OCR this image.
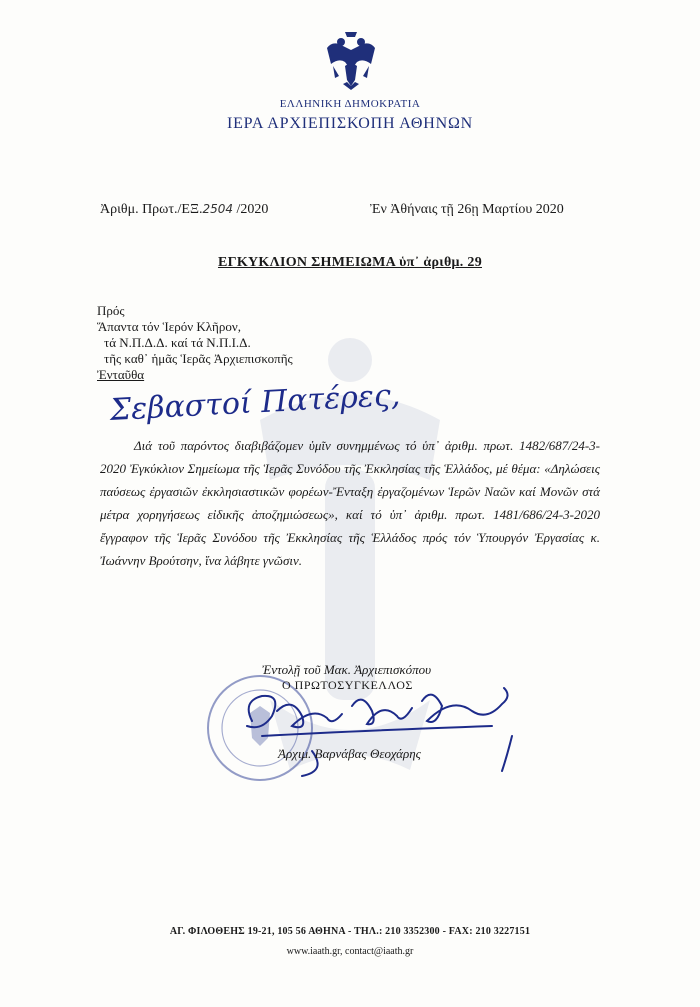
ΕΛΛΗΝΙΚΗ ΔΗΜΟΚΡΑΤΙΑ
ΙΕΡΑ ΑΡΧΙΕΠΙΣΚΟΠΗ ΑΘΗΝΩΝ
Ἀριθμ. Πρωτ./ΕΞ.2504 /2020	Ἐν Ἀθήναις τῇ 26ῃ Μαρτίου 2020
ΕΓΚΥΚΛΙΟΝ ΣΗΜΕΙΩΜΑ ὑπ᾽ ἀριθμ. 29
Πρός
Ἅπαντα τόν Ἱερόν Κλῆρον,
τά Ν.Π.Δ.Δ. καί τά Ν.Π.Ι.Δ.
τῆς καθ᾽ ἡμᾶς Ἱερᾶς Ἀρχιεπισκοπῆς
Ἐνταῦθα
Σεβαστοί Πατέρες,

Διά τοῦ παρόντος διαβιβάζομεν ὑμῖν συνημμένως τό ὑπ᾽ ἀριθμ. πρωτ. 1482/687/24-3-2020 Ἐγκύκλιον Σημείωμα τῆς Ἱερᾶς Συνόδου τῆς Ἐκκλησίας τῆς Ἑλλάδος, μέ θέμα: «Δηλώσεις παύσεως ἐργασιῶν ἐκκλησιαστικῶν φορέων-Ἔνταξη ἐργαζομένων Ἱερῶν Ναῶν καί Μονῶν στά μέτρα χορηγήσεως εἰδικῆς ἀποζημιώσεως», καί τό ὑπ᾽ ἀριθμ. πρωτ. 1481/686/24-3-2020 ἔγγραφον τῆς Ἱερᾶς Συνόδου τῆς Ἐκκλησίας τῆς Ἑλλάδος πρός τόν Ὑπουργόν Ἐργασίας κ. Ἰωάννην Βρούτσην, ἵνα λάβητε γνῶσιν.

Ἐντολῇ τοῦ Μακ. Ἀρχιεπισκόπου
Ο ΠΡΩΤΟΣΥΓΚΕΛΛΟΣ
Ἀρχιμ. Βαρνάβας Θεοχάρης
ΑΓ. ΦΙΛΟΘΕΗΣ 19-21, 105 56 ΑΘΗΝΑ - ΤΗΛ.: 210 3352300 - FAX: 210 3227151
www.iaath.gr, contact@iaath.gr
